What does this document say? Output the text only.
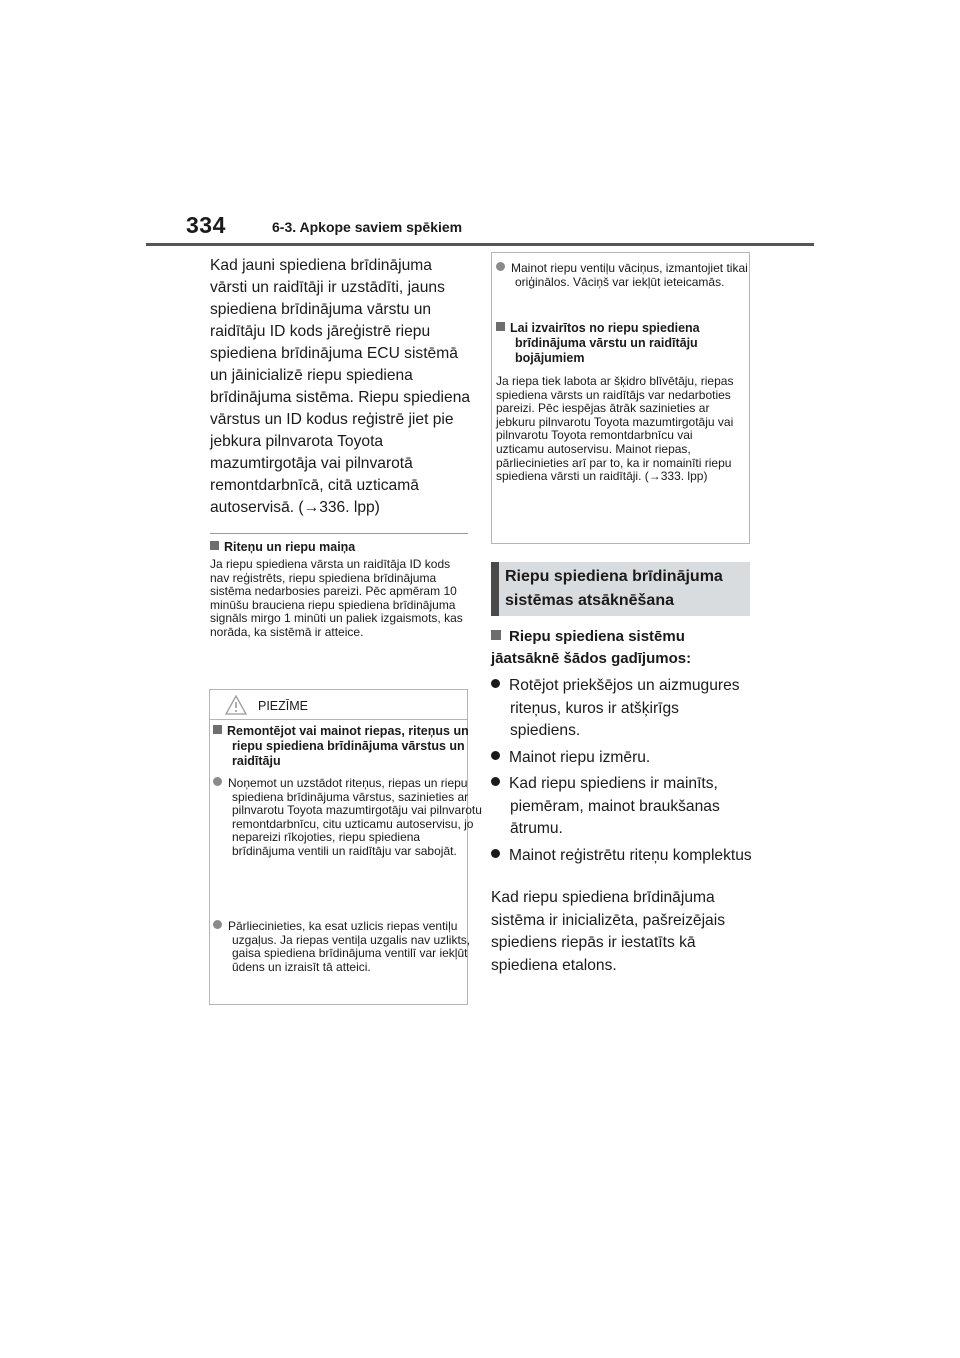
334	6-3. Apkope saviem spēkiem
Kad jauni spiediena brīdinājuma vārsti un raidītāji ir uzstādīti, jauns spiediena brīdinājuma vārstu un raidītāju ID kods jāreģistrē riepu spiediena brīdinājuma ECU sistēmā un jāinicializē riepu spiediena brīdinājuma sistēma. Riepu spiediena vārstus un ID kodus reģistrē jiet pie jebkura pilnvarota Toyota mazumtirgotāja vai pilnvarotā remontdarbnīcā, citā uzticamā autoservisā. (→336. lpp)
Riteņu un riepu maiņa
Ja riepu spiediena vārsta un raidītāja ID kods nav reģistrēts, riepu spiediena brīdinājuma sistēma nedarbosies pareizi. Pēc apmēram 10 minūšu brauciena riepu spiediena brīdinājuma signāls mirgo 1 minūti un paliek izgaismots, kas norāda, ka sistēmā ir atteice.
PIEZĪME
Remontējot vai mainot riepas, riteņus un riepu spiediena brīdinājuma vārstus un raidītāju
Noņemot un uzstādot riteņus, riepas un riepu spiediena brīdinājuma vārstus, sazinieties ar pilnvarotu Toyota mazumtirgotāju vai pilnvarotu remontdarbnīcu, citu uzticamu autoservisu, jo nepareizi rīkojoties, riepu spiediena brīdinājuma ventili un raidītāju var sabojāt.
Pārliecinieties, ka esat uzlicis riepas ventiļu uzgaļus. Ja riepas ventiļa uzgalis nav uzlikts, gaisa spiediena brīdinājuma ventilī var iekļūt ūdens un izraisīt tā atteici.
Mainot riepu ventiļu vāciņus, izmantojiet tikai oriģinālos. Vāciņš var iekļūt ieteicamās.
Lai izvairītos no riepu spiediena brīdinājuma vārstu un raidītāju bojājumiem
Ja riepa tiek labota ar šķidro blīvētāju, riepas spiediena vārsts un raidītājs var nedarboties pareizi. Pēc iespējas ātrāk sazinieties ar jebkuru pilnvarotu Toyota mazumtirgotāju vai pilnvarotu Toyota remontdarbnīcu vai uzticamu autoservisu. Mainot riepas, pārliecinieties arī par to, ka ir nomainīti riepu spiediena vārsti un raidītāji. (→333. lpp)
Riepu spiediena brīdinājuma sistēmas atsāknēšana
Riepu spiediena sistēmu jāatsāknē šādos gadījumos:
Rotējot priekšējos un aizmugures riteņus, kuros ir atšķirīgs spiediens.
Mainot riepu izmēru.
Kad riepu spiediens ir mainīts, piemēram, mainot braukšanas ātrumu.
Mainot reģistrētu riteņu komplektus
Kad riepu spiediena brīdinājuma sistēma ir inicializēta, pašreizējais spiediens riepās ir iestatīts kā spiediena etalons.
